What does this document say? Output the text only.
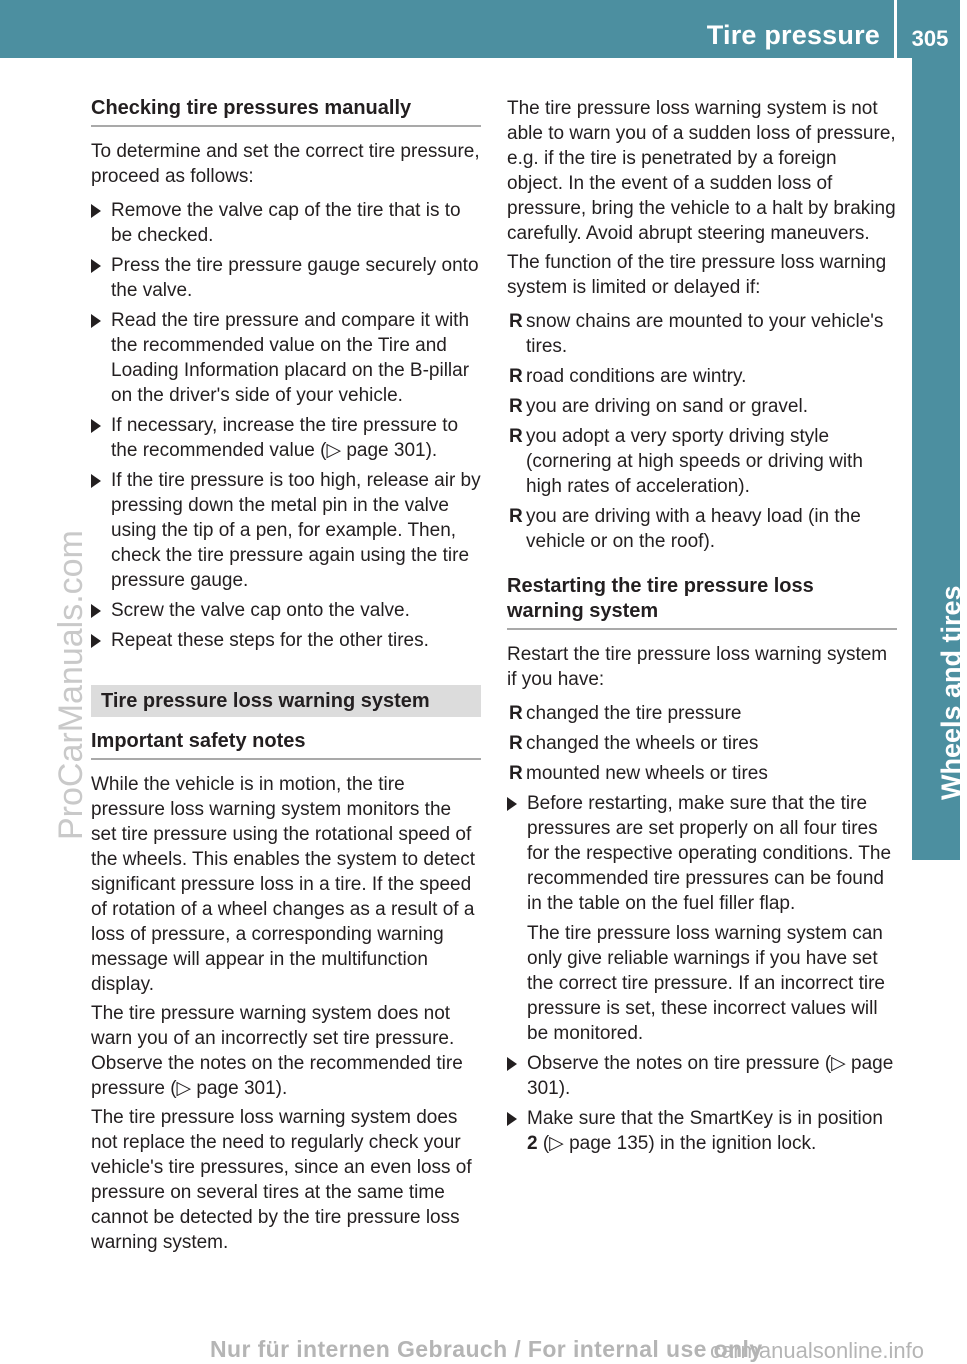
Tire pressure	305
Wheels and tires
ProCarManuals.com
Checking tire pressures manually
To determine and set the correct tire pressure, proceed as follows:
Remove the valve cap of the tire that is to be checked.
Press the tire pressure gauge securely onto the valve.
Read the tire pressure and compare it with the recommended value on the Tire and Loading Information placard on the B-pillar on the driver's side of your vehicle.
If necessary, increase the tire pressure to the recommended value (▷ page 301).
If the tire pressure is too high, release air by pressing down the metal pin in the valve using the tip of a pen, for example. Then, check the tire pressure again using the tire pressure gauge.
Screw the valve cap onto the valve.
Repeat these steps for the other tires.
Tire pressure loss warning system
Important safety notes
While the vehicle is in motion, the tire pressure loss warning system monitors the set tire pressure using the rotational speed of the wheels. This enables the system to detect significant pressure loss in a tire. If the speed of rotation of a wheel changes as a result of a loss of pressure, a corresponding warning message will appear in the multifunction display.
The tire pressure warning system does not warn you of an incorrectly set tire pressure. Observe the notes on the recommended tire pressure (▷ page 301).
The tire pressure loss warning system does not replace the need to regularly check your vehicle's tire pressures, since an even loss of pressure on several tires at the same time cannot be detected by the tire pressure loss warning system.
The tire pressure loss warning system is not able to warn you of a sudden loss of pressure, e.g. if the tire is penetrated by a foreign object. In the event of a sudden loss of pressure, bring the vehicle to a halt by braking carefully. Avoid abrupt steering maneuvers.
The function of the tire pressure loss warning system is limited or delayed if:
R snow chains are mounted to your vehicle's tires.
R road conditions are wintry.
R you are driving on sand or gravel.
R you adopt a very sporty driving style (cornering at high speeds or driving with high rates of acceleration).
R you are driving with a heavy load (in the vehicle or on the roof).
Restarting the tire pressure loss warning system
Restart the tire pressure loss warning system if you have:
R changed the tire pressure
R changed the wheels or tires
R mounted new wheels or tires
Before restarting, make sure that the tire pressures are set properly on all four tires for the respective operating conditions. The recommended tire pressures can be found in the table on the fuel filler flap.
The tire pressure loss warning system can only give reliable warnings if you have set the correct tire pressure. If an incorrect tire pressure is set, these incorrect values will be monitored.
Observe the notes on tire pressure (▷ page 301).
Make sure that the SmartKey is in position 2 (▷ page 135) in the ignition lock.
Nur für internen Gebrauch / For internal use only
carmanualsonline.info
